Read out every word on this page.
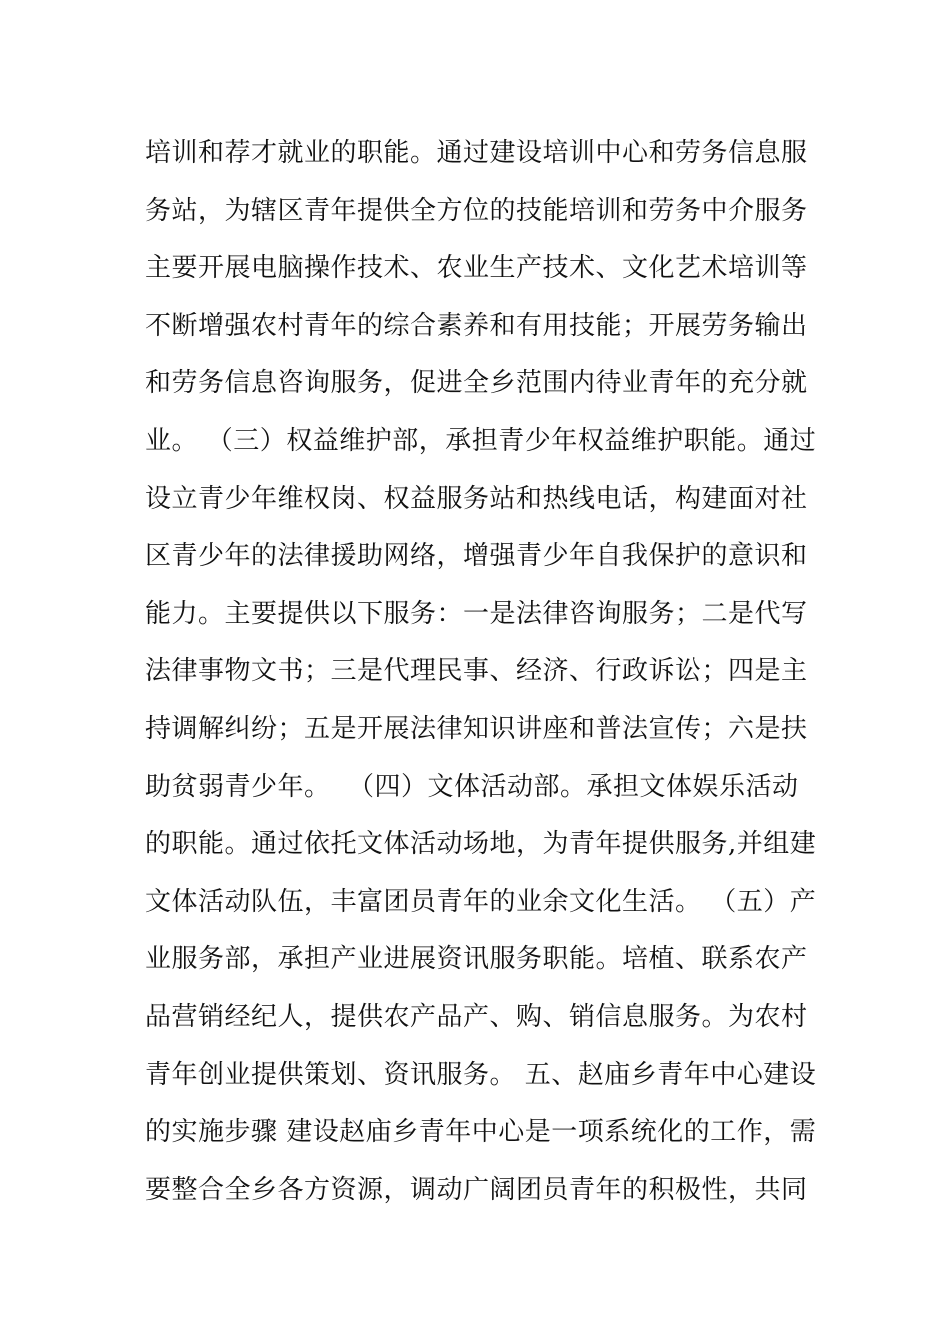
培训和荐才就业的职能。通过建设培训中心和劳务信息服
务站，为辖区青年提供全方位的技能培训和劳务中介服务
主要开展电脑操作技术、农业生产技术、文化艺术培训等
不断增强农村青年的综合素养和有用技能；开展劳务输出
和劳务信息咨询服务，促进全乡范围内待业青年的充分就
业。 （三）权益维护部，承担青少年权益维护职能。通过
设立青少年维权岗、权益服务站和热线电话，构建面对社
区青少年的法律援助网络，增强青少年自我保护的意识和
能力。主要提供以下服务：一是法律咨询服务；二是代写
法律事物文书；三是代理民事、经济、行政诉讼；四是主
持调解纠纷；五是开展法律知识讲座和普法宣传；六是扶
助贫弱青少年。  （四）文体活动部。承担文体娱乐活动
的职能。通过依托文体活动场地，为青年提供服务,并组建
文体活动队伍，丰富团员青年的业余文化生活。 （五）产
业服务部，承担产业进展资讯服务职能。培植、联系农产
品营销经纪人，提供农产品产、购、销信息服务。为农村
青年创业提供策划、资讯服务。 五、赵庙乡青年中心建设
的实施步骤 建设赵庙乡青年中心是一项系统化的工作，需
要整合全乡各方资源，调动广阔团员青年的积极性，共同
